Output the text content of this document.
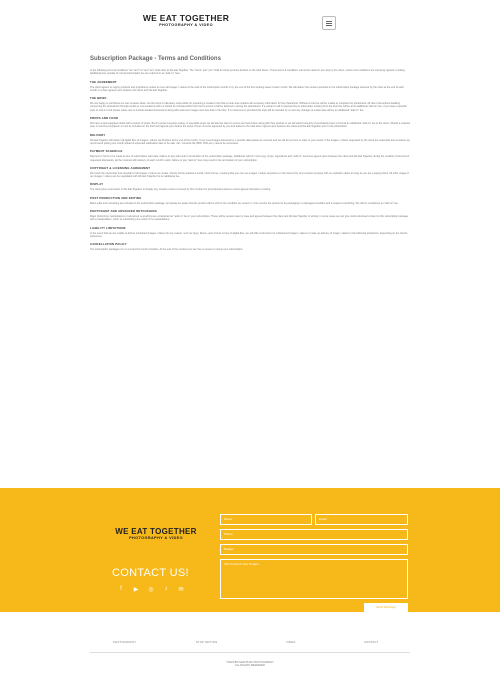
WE EAT TOGETHER
PHOTOGRAPHY & VIDEO
Subscription Package - Terms and Conditions

In the following terms & conditions "we" and "us" and "our" shall refer to We Eat Together. The "client" and "you" shall be those persons defined on the brief above. These terms & conditions cannot be varied in any way by the client, unless such variations are expressly agreed in writing. Additional fees outside of normal subscription fee are referred to as "add on" fees.

THE AGREEMENT

The client agrees to supply products and props/items suited to cover all images / videos at the start of the subscription month or by the end of the first working week of each month. We will deliver the content specified in the subscription package selected by the client at the end of each month or a date agreed upon between the client and We Eat Together.

THE BRIEF

We are happy to contribute our own creative ideas, but the client is ultimately responsible for preparing a creative brief that is clear and contains all necessary information for the photoshoot. Without a brief we will be unable to complete the photoshoot. All client instructions detailing concerning the photoshoot through emails or conversations with us should be included within the brief to ensure it will be factored in during the photoshoot. If a verbal or call is required due to information missing from the brief this will be at an additional "add on" fee. If you have a specific style or look in mind please make sure to include detailed instructions along with reference images and note that in the brief. If no reference is provided this style will be decided by us and any changes at a later date will be an additional "add on" fee.

PROPS AND FOOD

We have a well equipped studio with a variety of props. But if a project requires variety or specialist props we will ask the client to source and send them along with their product or we will submit receipts of purchased props or food at an additional "add on" fee to the client. Should a required prop or food be purchased, it must be included on the brief and agreed upon before the shoot. Prices must be approved by you and added to the total when signed upon between the client and We Eat Together prior to the photoshoot.

DELIVERY

We Eat Together will deliver all digital files of images / videos via Dropbox at the end of the month. If you need images delivered by a specific date please let us know and we will do our best to cater to your needs. If the images / videos requested by the client are especially time sensitive we recommend putting one month ahead of expected publication date to be safe. Zip / contents file (PDF, PNG etc.) cannot be processed.

PAYMENT SCHEDULE

Payment in full is to be made at time of subscription start date. Failure to pay will result in termination of the subscription package. Additional "add on" items (eg. props, ingredients and "add on" services) agreed upon between the client and We Eat Together during the creation of the brief or requested afterwards, will be invoiced with delivery of each month's work. Failure to pay "add on" fees may result in the termination of your subscription.

COPYRIGHT & LICENSING AGREEMENT

We retain the ownership and copyright of all images / videos we create. Clients will be granted a social / web license, meaning that you can use images / videos anywhere on the internet for any business purpose with no expiration dates as long as you are a paying client. All other usage of our images / videos can be negotiated with We Eat Together for an additional fee.

DISPLAY

The client gives permission to We Eat Together to display any creative content covered by this contract for promotional purposes unless agreed otherwise in writing.

POST PRODUCTION AND EDITING

Basic edits and retouching are included in the subscription package, but please be aware that the product will be shot in the condition we receive it. If we receive the product to be packaging in a damaged condition and it requires retouching, this will be considered an "add on" fee.

PHOTOSHOP AND ADVANCED RETOUCHING

Major photoshop manipulations or advanced re-touching are considered an "add on" fee in your subscription. These will be quoted case by case and agreed between the client and We Eat Together in writing. In some cases we can give multi-colourised content to this subscription package with a manipulation. (such as substituting one colour for a manipulation)

LIABILITY LIMITATIONS

In the event that we are unable to deliver scheduled images / videos for any reason, such as injury, illness, acts of God or loss of digital files, we will offer a full refund of undelivered images / videos or make up delivery of image / videos in the following production, depending on the client's preference.

CANCELLATION POLICY

Our subscription packages run on a 3 and 12 month contracts. At the end of the contract you are free to renew or cancel your subscription.

WE EAT TOGETHER
PHOTOGRAPHY & VIDEO
CONTACT US!
f	▶ ◎ ♪ ✉
Name	Email
Phone
Budget
Tell Us About Your Project...
Send Message
PHOTOGRAPHY	STOP MOTION	VIDEO	CONTACT
©2023 BUTLER RUSC PHOTOGRAPHY
ALL RIGHTS RESERVED
